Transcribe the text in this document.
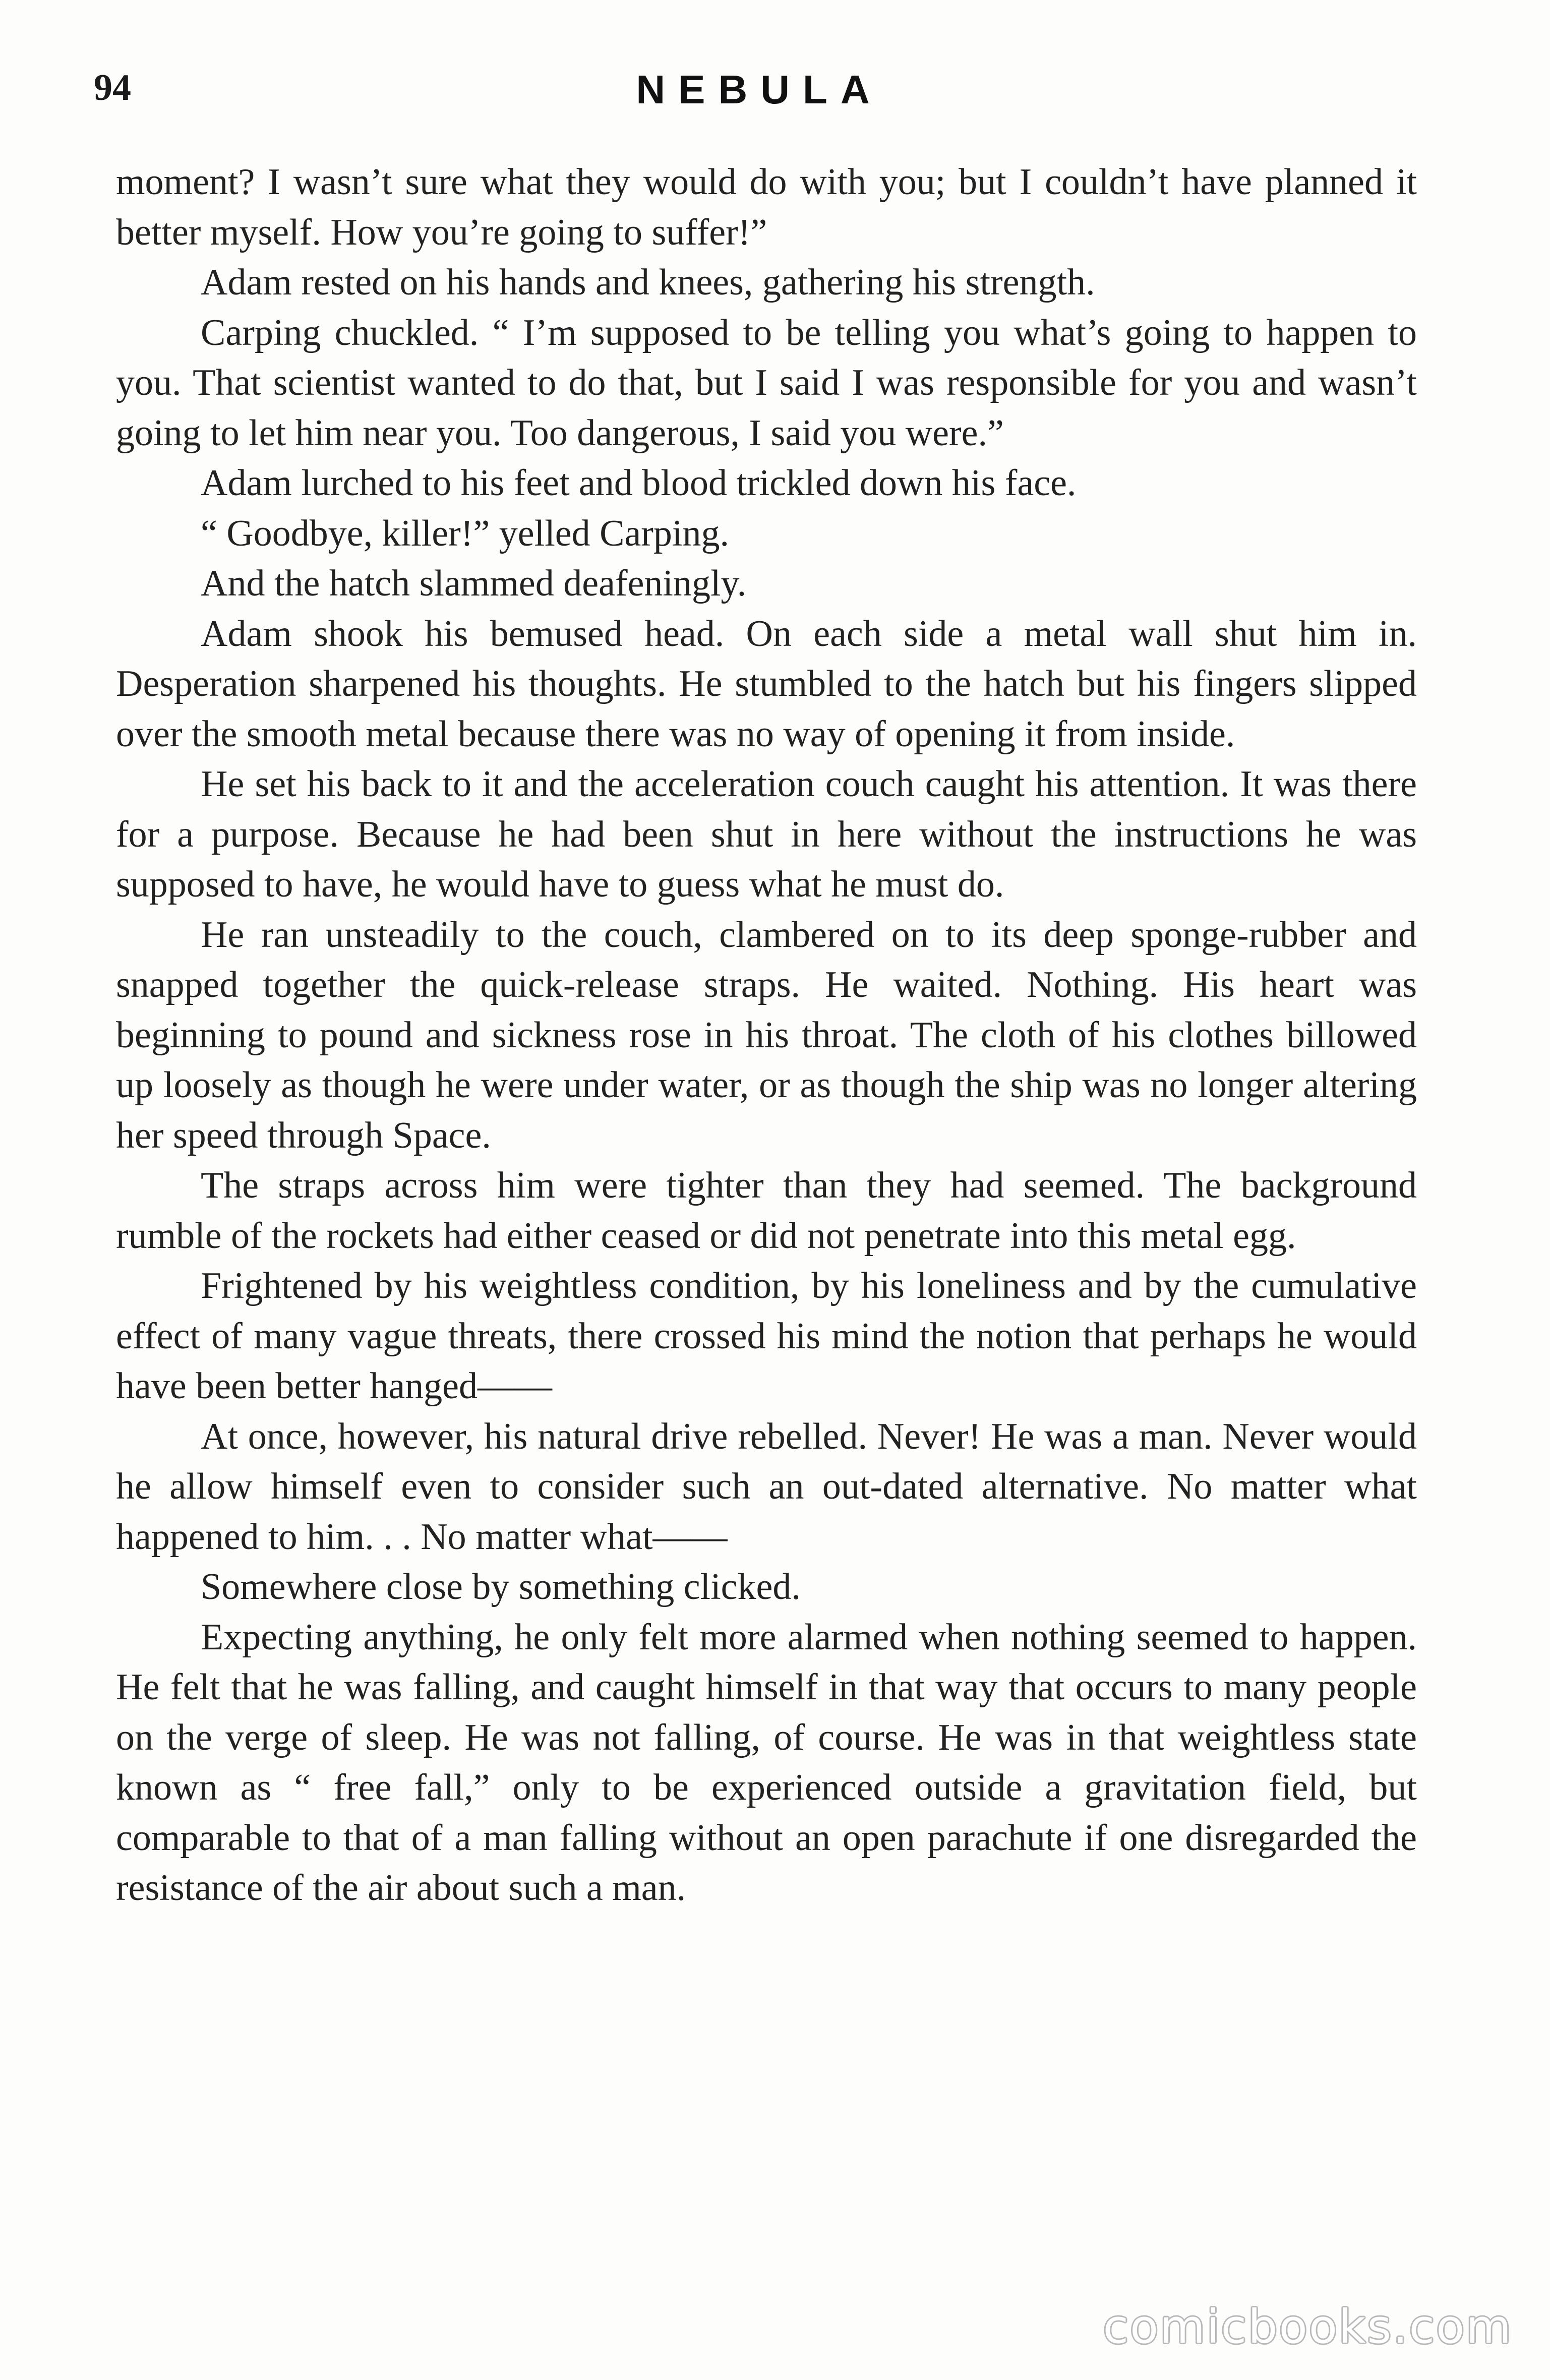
94	NEBULA

moment? I wasn’t sure what they would do with you; but I couldn’t have planned it better myself. How you’re going to suffer!”

Adam rested on his hands and knees, gathering his strength.

Carping chuckled. “ I’m supposed to be telling you what’s going to happen to you. That scientist wanted to do that, but I said I was responsible for you and wasn’t going to let him near you. Too dangerous, I said you were.”

Adam lurched to his feet and blood trickled down his face.

“ Goodbye, killer!” yelled Carping.

And the hatch slammed deafeningly.

Adam shook his bemused head. On each side a metal wall shut him in. Desperation sharpened his thoughts. He stumbled to the hatch but his fingers slipped over the smooth metal because there was no way of opening it from inside.

He set his back to it and the acceleration couch caught his attention. It was there for a purpose. Because he had been shut in here without the instructions he was supposed to have, he would have to guess what he must do.

He ran unsteadily to the couch, clambered on to its deep sponge-rubber and snapped together the quick-release straps. He waited. Nothing. His heart was beginning to pound and sickness rose in his throat. The cloth of his clothes billowed up loosely as though he were under water, or as though the ship was no longer altering her speed through Space.

The straps across him were tighter than they had seemed. The background rumble of the rockets had either ceased or did not penetrate into this metal egg.

Frightened by his weightless condition, by his loneliness and by the cumulative effect of many vague threats, there crossed his mind the notion that perhaps he would have been better hanged——

At once, however, his natural drive rebelled. Never! He was a man. Never would he allow himself even to consider such an out-dated alternative. No matter what happened to him. . . No matter what——

Somewhere close by something clicked.

Expecting anything, he only felt more alarmed when nothing seemed to happen. He felt that he was falling, and caught himself in that way that occurs to many people on the verge of sleep. He was not falling, of course. He was in that weightless state known as “ free fall,” only to be experienced outside a gravitation field, but comparable to that of a man falling without an open parachute if one disregarded the resistance of the air about such a man.

comicbooks.com
